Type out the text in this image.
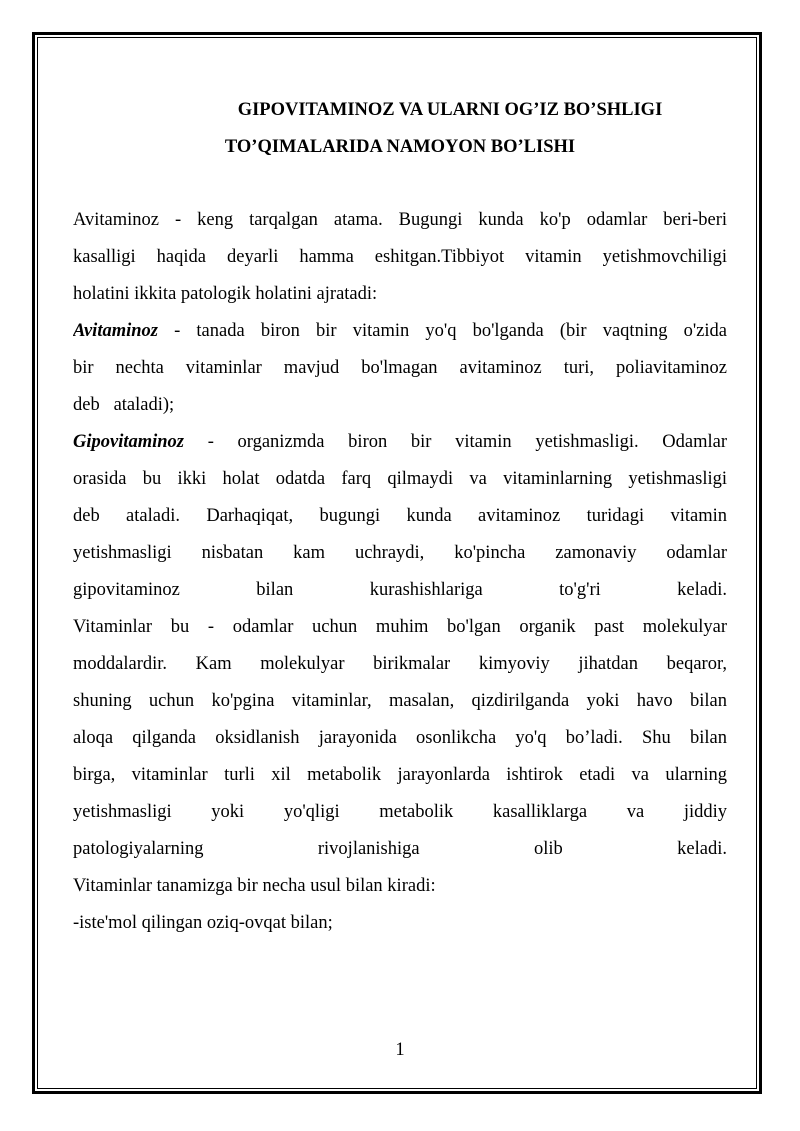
GIPOVITAMINOZ VA ULARNI OG’IZ BO’SHLIGI
TO’QIMALARIDA NAMOYON BO’LISHI
Avitaminoz - keng tarqalgan atama. Bugungi kunda ko'p odamlar beri-beri
kasalligi haqida deyarli hamma eshitgan.Tibbiyot vitamin yetishmovchiligi
holatini ikkita patologik holatini ajratadi:
Avitaminoz - tanada biron bir vitamin yo'q bo'lganda (bir vaqtning o'zida
bir nechta vitaminlar mavjud bo'lmagan avitaminoz turi, poliavitaminoz
deb   ataladi);
Gipovitaminoz - organizmda biron bir vitamin yetishmasligi. Odamlar
orasida bu ikki holat odatda farq qilmaydi va vitaminlarning yetishmasligi
deb ataladi. Darhaqiqat, bugungi kunda avitaminoz turidagi vitamin
yetishmasligi nisbatan kam uchraydi, ko'pincha zamonaviy odamlar
gipovitaminoz bilan kurashishlariga to'g'ri keladi.
Vitaminlar bu - odamlar uchun muhim bo'lgan organik past molekulyar
moddalardir. Kam molekulyar birikmalar kimyoviy jihatdan beqaror,
shuning uchun ko'pgina vitaminlar, masalan, qizdirilganda yoki havo bilan
aloqa qilganda oksidlanish jarayonida osonlikcha yo'q bo’ladi. Shu bilan
birga, vitaminlar turli xil metabolik jarayonlarda ishtirok etadi va ularning
yetishmasligi yoki yo'qligi metabolik kasalliklarga va jiddiy
patologiyalarning rivojlanishiga olib keladi.
Vitaminlar tanamizga bir necha usul bilan kiradi:
-iste'mol qilingan oziq-ovqat bilan;
1
